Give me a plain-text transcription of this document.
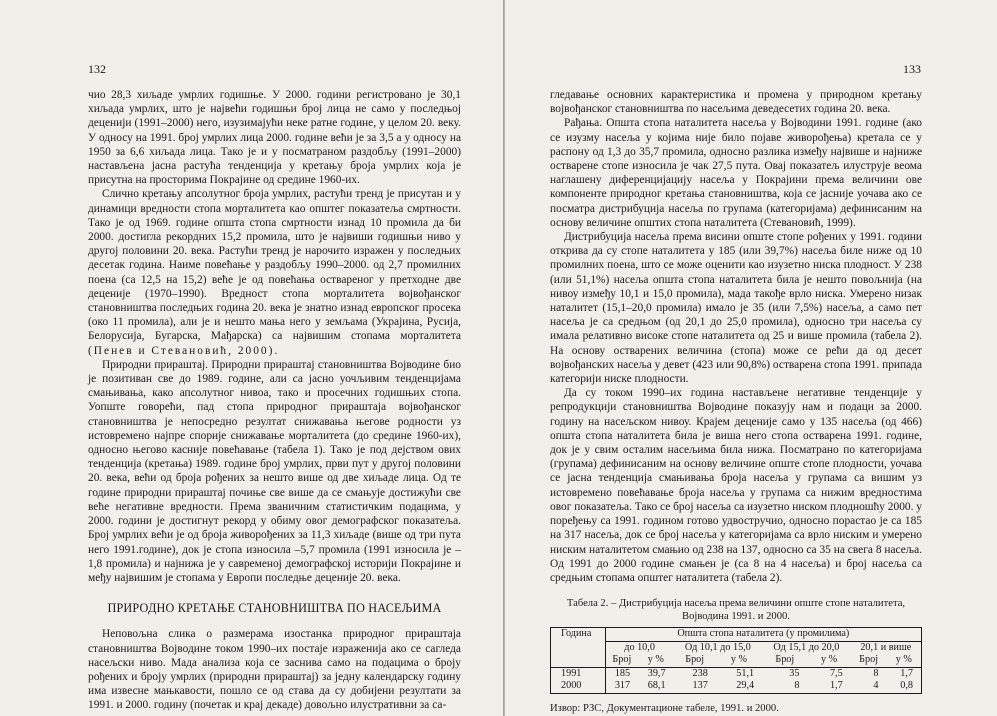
132

чио 28,3 хиљаде умрлих годишње. У 2000. години регистровано је 30,1 хиљада умрлих, што је највећи годишњи број лица не само у последњој деценији (1991–2000) него, изузимајући неке ратне године, у целом 20. веку. У односу на 1991. број умрлих лица 2000. године већи је за 3,5 а у односу на 1950 за 6,6 хиљада лица. Тако је и у посматраном раздобљу (1991–2000) настављена јасна растућа тенденција у кретању броја умрлих која је присутна на просторима Покрајине од средине 1960-их.

Слично кретању апсолутног броја умрлих, растући тренд је присутан и у динамици вредности стопа морталитета као општег показатеља смртности. Тако је од 1969. године општа стопа смртности изнад 10 промила да би 2000. достигла рекордних 15,2 промила, што је највиши годишњи ниво у другој половини 20. века. Растући тренд је нарочито изражен у последњих десетак година. Наиме повећање у раздобљу 1990–2000. од 2,7 промилних поена (са 12,5 на 15,2) веће је од повећања оствареног у претходне две деценије (1970–1990). Вредност стопа морталитета војвођанског становништва последњих година 20. века је знатно изнад европског просека (око 11 промила), али је и нешто мања него у земљама (Украјина, Русија, Белорусија, Бугарска, Мађарска) са највишим стопама морталитета (Пенев и Стевановић, 2000).

Природни прираштај. Природни прираштај становништва Војводине био је позитиван све до 1989. године, али са јасно уочљивим тенденцијама смањивања, како апсолутног нивоа, тако и просечних годишњих стопа. Уопште говорећи, пад стопа природног прираштаја војвођанског становништва је непосредно резултат снижавања његове родности уз истовремено најпре спорије снижавање морталитета (до средине 1960-их), односно његово касније повећавање (табела 1). Тако је под дејством ових тенденција (кретања) 1989. године број умрлих, први пут у другој половини 20. века, већи од броја рођених за нешто више од две хиљаде лица. Од те године природни прираштај почиње све више да се смањује достижући све веће негативне вредности. Према званичним статистичким подацима, у 2000. години је достигнут рекорд у обиму овог демографског показатеља. Број умрлих већи је од броја живорођених за 11,3 хиљаде (више од три пута него 1991.године), док је стопа износила –5,7 промила (1991 износила је –1,8 промила) и најнижа је у савременој демографској историји Покрајине и међу највишим је стопама у Европи последње деценије 20. века.

ПРИРОДНО КРЕТАЊЕ СТАНОВНИШТВА ПО НАСЕЉИМА

Неповољна слика о размерама изостанка природног прираштаја становништва Војводине током 1990–их постаје израженија ако се сагледа насељски ниво. Мада анализа која се заснива само на подацима о броју рођених и броју умрлих (природни прираштај) за једну календарску годину има извесне мањкавости, пошло се од става да су добијени резултати за 1991. и 2000. годину (почетак и крај декаде) довољно илустративни за са-

133

гледавање основних карактеристика и промена у природном кретању војвођанског становништва по насељима деведесетих година 20. века.

Рађања. Општа стопа наталитета насеља у Војводини 1991. године (ако се изузму насеља у којима није било појаве живорођења) кретала се у распону од 1,3 до 35,7 промила, односно разлика између највише и најниже остварене стопе износила је чак 27,5 пута. Овај показатељ илуструје веома наглашену диференцијацију насеља у Покрајини према величини ове компоненте природног кретања становништва, која се јасније уочава ако се посматра дистрибуција насеља по групама (категоријама) дефинисаним на основу величине општих стопа наталитета (Стевановић, 1999).

Дистрибуција насеља према висини опште стопе рођених у 1991. години открива да су стопе наталитета у 185 (или 39,7%) насеља биле ниже од 10 промилних поена, што се може оценити као изузетно ниска плодност. У 238 (или 51,1%) насеља општа стопа наталитета била је нешто повољнија (на нивоу између 10,1 и 15,0 промила), мада такође врло ниска. Умерено низак наталитет (15,1–20,0 промила) имало је 35 (или 7,5%) насеља, а само пет насеља је са средњом (од 20,1 до 25,0 промила), односно три насеља су имала релативно високе стопе наталитета од 25 и више промила (табела 2). На основу остварених величина (стопа) може се рећи да од десет војвођанских насеља у девет (423 или 90,8%) остварена стопа 1991. припада категорији ниске плодности.

Да су током 1990–их година настављене негативне тенденције у репродукцији становништва Војводине показују нам и подаци за 2000. годину на насељском нивоу. Крајем деценије само у 135 насеља (од 466) општа стопа наталитета била је виша него стопа остварена 1991. године, док је у свим осталим насељима била нижа. Посматрано по категоријама (групама) дефинисаним на основу величине опште стопе плодности, уочава се јасна тенденција смањивања броја насеља у групама са вишим уз истовремено повећавање броја насеља у групама са нижим вредностима овог показатеља. Тако се број насеља са изузетно ниском плодношћу 2000. у поређењу са 1991. годином готово удвостручио, односно порастао је са 185 на 317 насеља, док се број насеља у категоријама са врло ниским и умерено ниским наталитетом смањио од 238 на 137, односно са 35 на свега 8 насеља. Од 1991 до 2000 године смањен је (са 8 на 4 насеља) и број насеља са средњим стопама општег наталитета (табела 2).

Табела 2. – Дистрибуција насеља према величини опште стопе наталитета,
Војводина 1991. и 2000.
Година	Општа стопа наталитета (у промилима)							
	до 10,0		Од 10,1 до 15,0		Од 15,1 до 20,0		20,1 и више	
	Број	у %	Број	у %	Број	у %	Број	у %
1991	185	39,7	238	51,1	35	7,5	8	1,7
2000	317	68,1	137	29,4	8	1,7	4	0,8
Извор: РЗС, Документационе табеле, 1991. и 2000.
